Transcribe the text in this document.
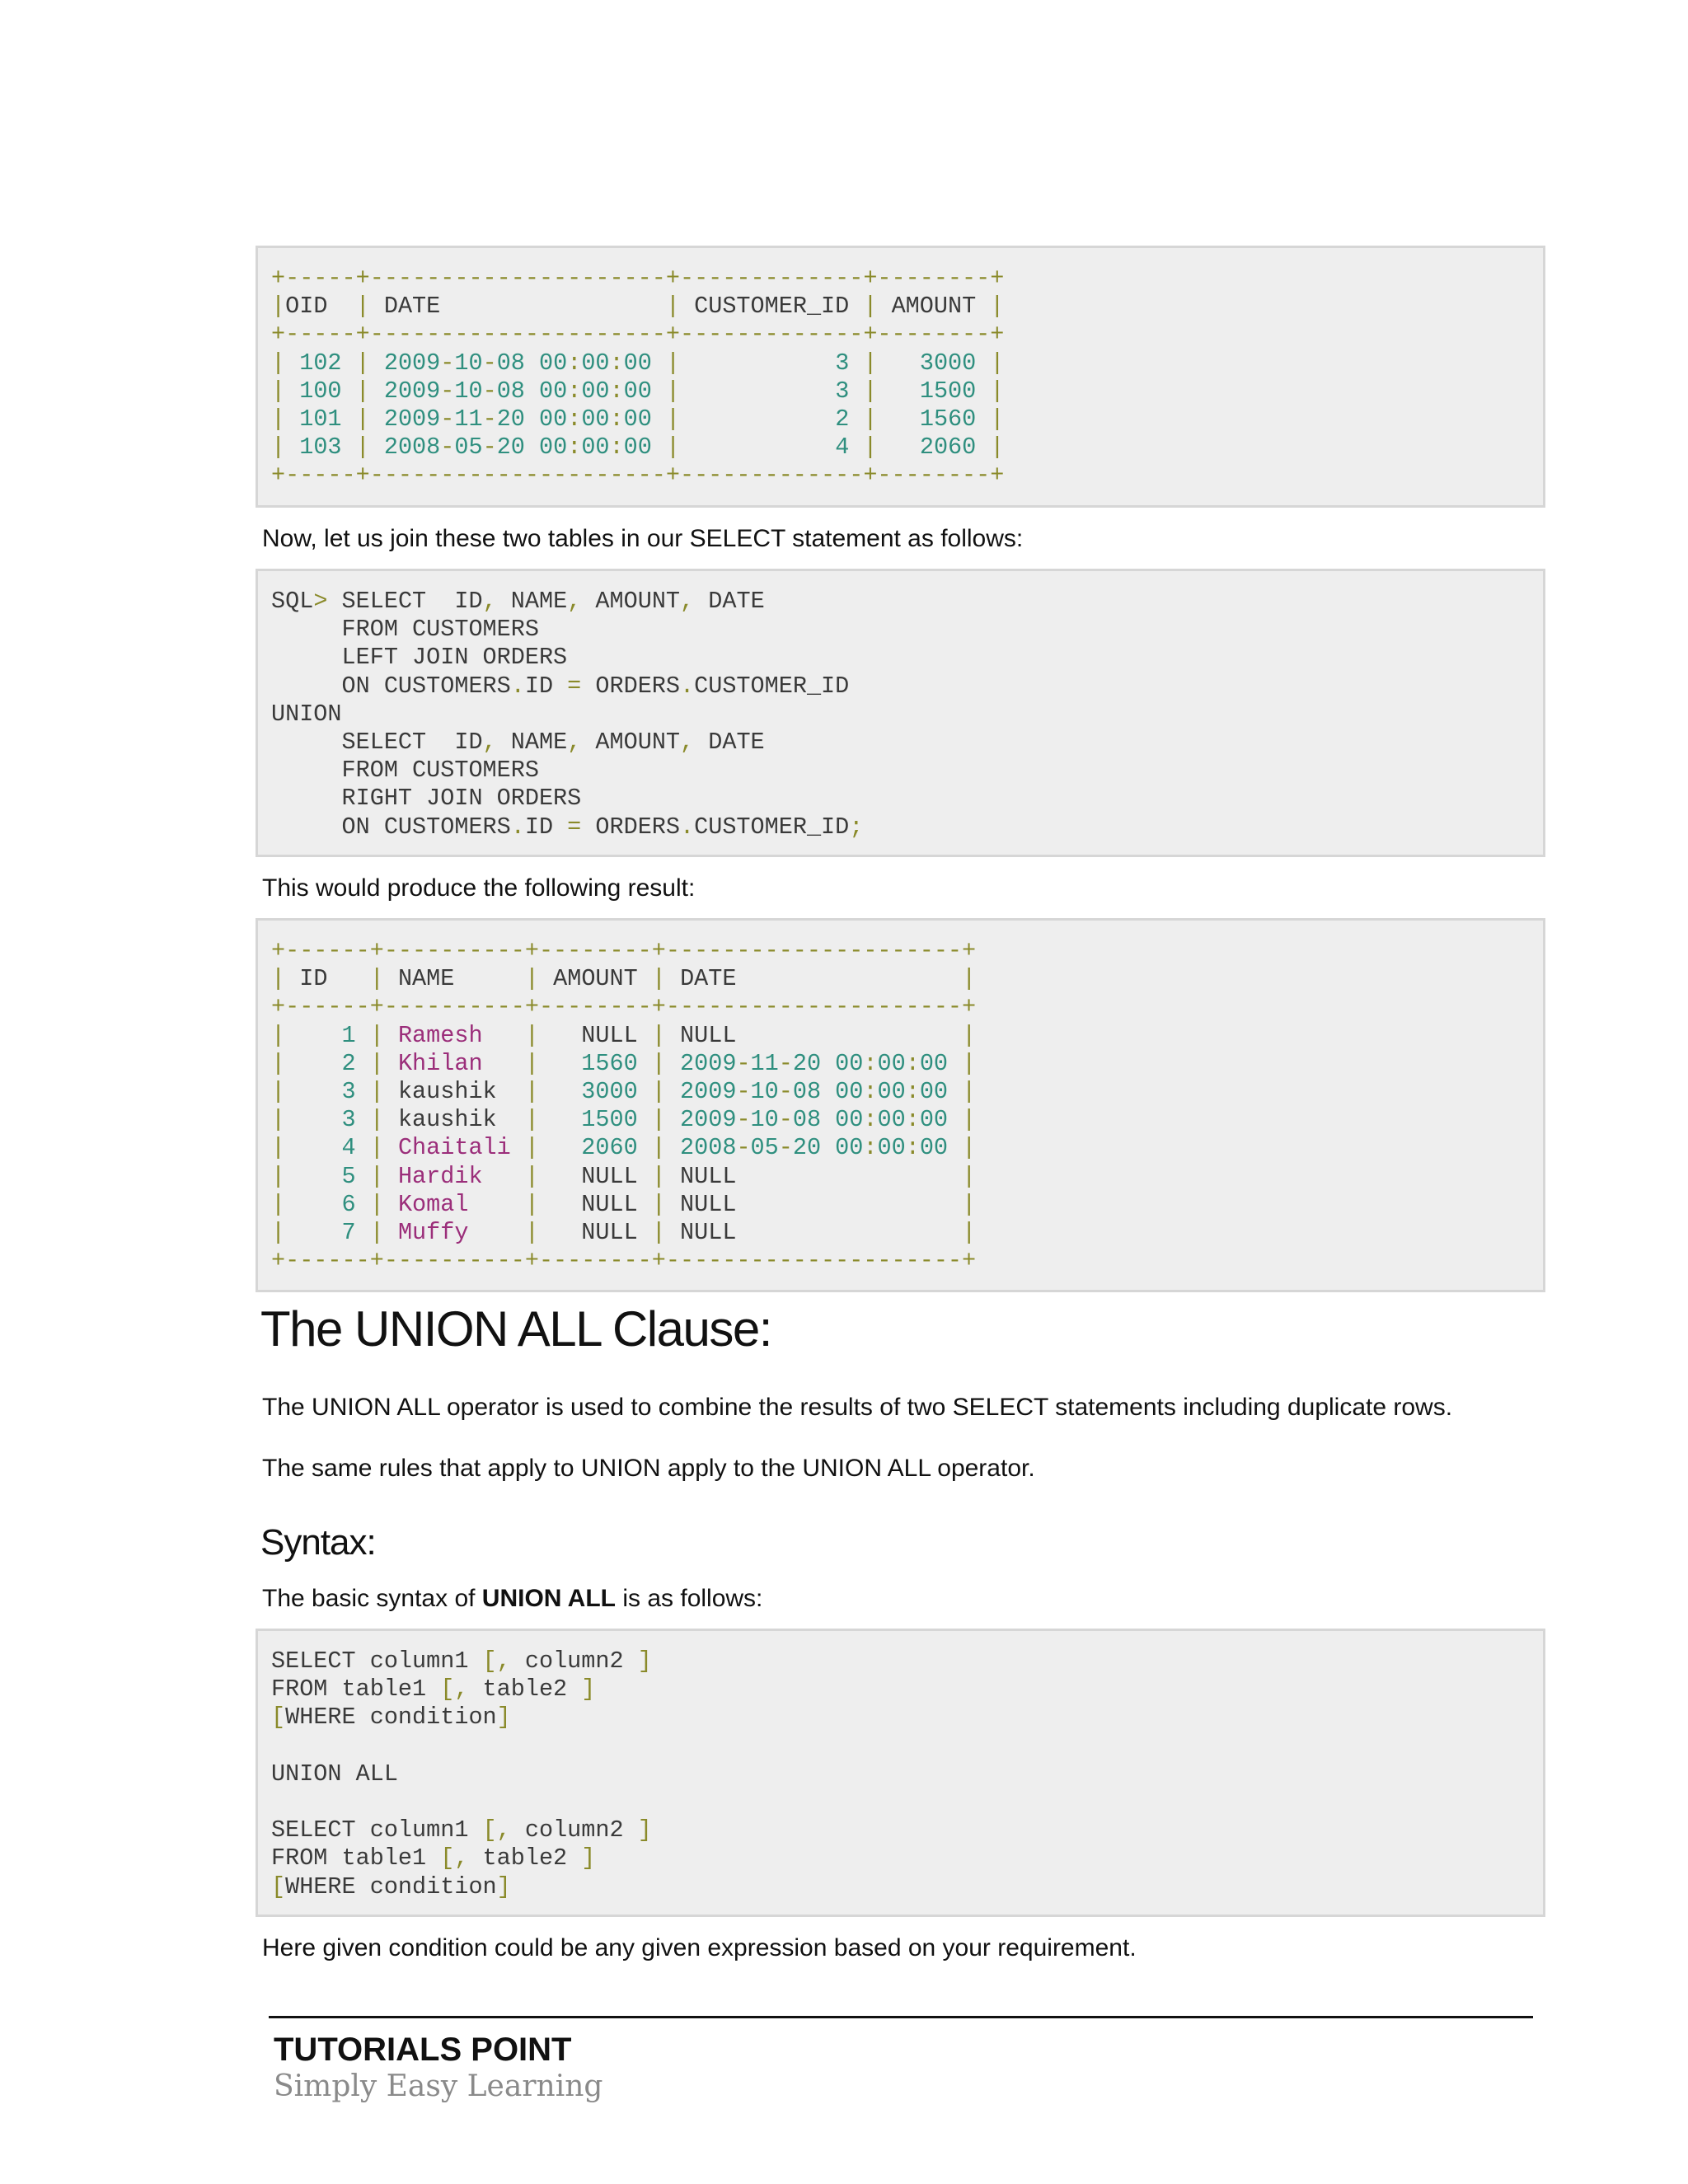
+-----+---------------------+-------------+--------+
|OID  | DATE                | CUSTOMER_ID | AMOUNT |
+-----+---------------------+-------------+--------+
| 102 | 2009-10-08 00:00:00 |           3 |   3000 |
| 100 | 2009-10-08 00:00:00 |           3 |   1500 |
| 101 | 2009-11-20 00:00:00 |           2 |   1560 |
| 103 | 2008-05-20 00:00:00 |           4 |   2060 |
+-----+---------------------+-------------+--------+
Now, let us join these two tables in our SELECT statement as follows:
SQL> SELECT  ID, NAME, AMOUNT, DATE
FROM CUSTOMERS
LEFT JOIN ORDERS
ON CUSTOMERS.ID = ORDERS.CUSTOMER_ID
UNION
SELECT  ID, NAME, AMOUNT, DATE
FROM CUSTOMERS
RIGHT JOIN ORDERS
ON CUSTOMERS.ID = ORDERS.CUSTOMER_ID;
This would produce the following result:
+------+----------+--------+---------------------+
| ID   | NAME     | AMOUNT | DATE                |
+------+----------+--------+---------------------+
|    1 | Ramesh   |   NULL | NULL                |
|    2 | Khilan   |   1560 | 2009-11-20 00:00:00 |
|    3 | kaushik  |   3000 | 2009-10-08 00:00:00 |
|    3 | kaushik  |   1500 | 2009-10-08 00:00:00 |
|    4 | Chaitali |   2060 | 2008-05-20 00:00:00 |
|    5 | Hardik   |   NULL | NULL                |
|    6 | Komal    |   NULL | NULL                |
|    7 | Muffy    |   NULL | NULL                |
+------+----------+--------+---------------------+
The UNION ALL Clause:
The UNION ALL operator is used to combine the results of two SELECT statements including duplicate rows.
The same rules that apply to UNION apply to the UNION ALL operator.
Syntax:
The basic syntax of UNION ALL is as follows:
SELECT column1 [, column2 ]
FROM table1 [, table2 ]
[WHERE condition]
UNION ALL
SELECT column1 [, column2 ]
FROM table1 [, table2 ]
[WHERE condition]
Here given condition could be any given expression based on your requirement.
TUTORIALS POINT
Simply Easy Learning
